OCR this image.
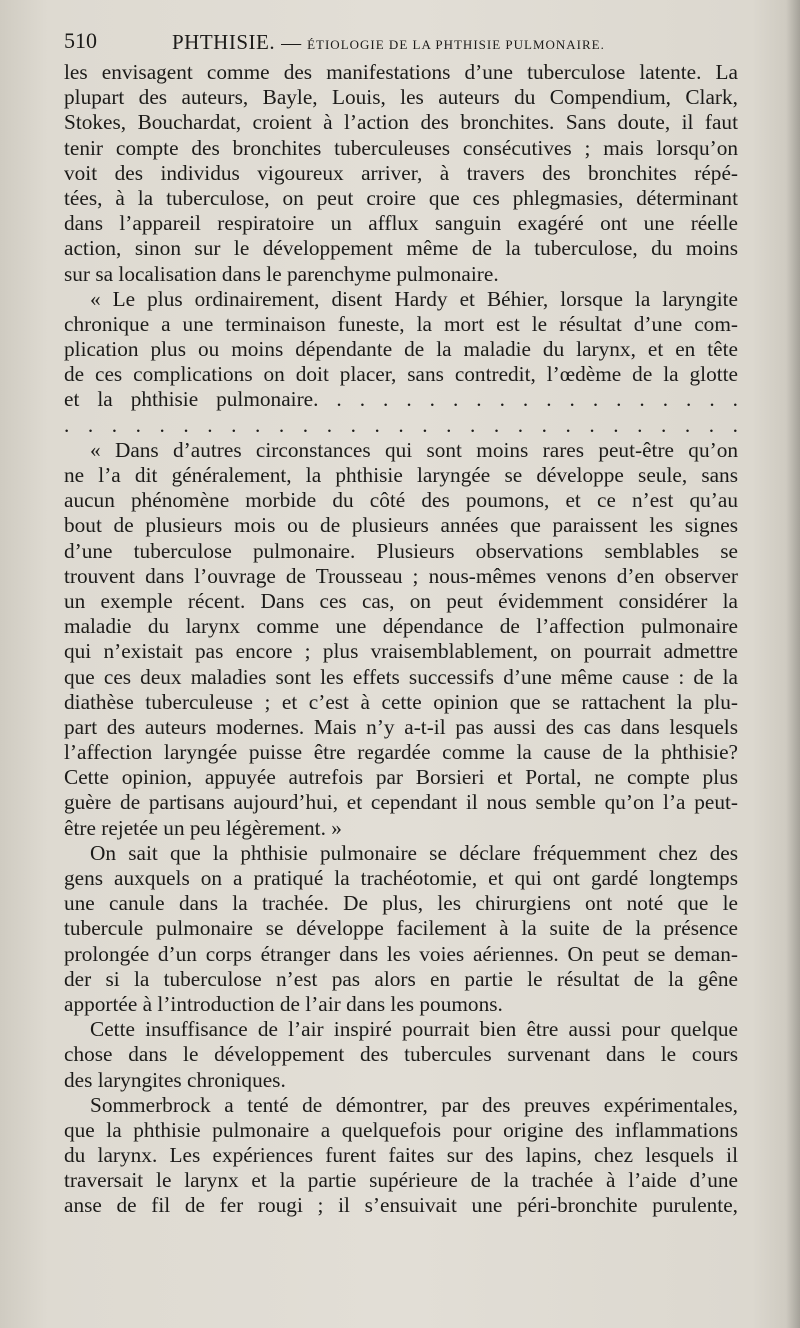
510	PHTHISIE. — ÉTIOLOGIE DE LA PHTHISIE PULMONAIRE.
les envisagent comme des manifestations d’une tuberculose latente. La
plupart des auteurs, Bayle, Louis, les auteurs du Compendium, Clark,
Stokes, Bouchardat, croient à l’action des bronchites. Sans doute, il faut
tenir compte des bronchites tuberculeuses consécutives ; mais lorsqu’on
voit des individus vigoureux arriver, à travers des bronchites répé-
tées, à la tuberculose, on peut croire que ces phlegmasies, déterminant
dans l’appareil respiratoire un afflux sanguin exagéré ont une réelle
action, sinon sur le développement même de la tuberculose, du moins
sur sa localisation dans le parenchyme pulmonaire.
« Le plus ordinairement, disent Hardy et Béhier, lorsque la laryngite
chronique a une terminaison funeste, la mort est le résultat d’une com-
plication plus ou moins dépendante de la maladie du larynx, et en tête
de ces complications on doit placer, sans contredit, l’œdème de la glotte
et la phthisie pulmonaire. . . . . . . . . . . . . . . . . . .
. . . . . . . . . . . . . . . . . . . . . . . . . . . . .
« Dans d’autres circonstances qui sont moins rares peut-être qu’on
ne l’a dit généralement, la phthisie laryngée se développe seule, sans
aucun phénomène morbide du côté des poumons, et ce n’est qu’au
bout de plusieurs mois ou de plusieurs années que paraissent les signes
d’une tuberculose pulmonaire. Plusieurs observations semblables se
trouvent dans l’ouvrage de Trousseau ; nous-mêmes venons d’en observer
un exemple récent. Dans ces cas, on peut évidemment considérer la
maladie du larynx comme une dépendance de l’affection pulmonaire
qui n’existait pas encore ; plus vraisemblablement, on pourrait admettre
que ces deux maladies sont les effets successifs d’une même cause : de la
diathèse tuberculeuse ; et c’est à cette opinion que se rattachent la plu-
part des auteurs modernes. Mais n’y a-t-il pas aussi des cas dans lesquels
l’affection laryngée puisse être regardée comme la cause de la phthisie?
Cette opinion, appuyée autrefois par Borsieri et Portal, ne compte plus
guère de partisans aujourd’hui, et cependant il nous semble qu’on l’a peut-
être rejetée un peu légèrement. »
On sait que la phthisie pulmonaire se déclare fréquemment chez des
gens auxquels on a pratiqué la trachéotomie, et qui ont gardé longtemps
une canule dans la trachée. De plus, les chirurgiens ont noté que le
tubercule pulmonaire se développe facilement à la suite de la présence
prolongée d’un corps étranger dans les voies aériennes. On peut se deman-
der si la tuberculose n’est pas alors en partie le résultat de la gêne
apportée à l’introduction de l’air dans les poumons.
Cette insuffisance de l’air inspiré pourrait bien être aussi pour quelque
chose dans le développement des tubercules survenant dans le cours
des laryngites chroniques.
Sommerbrock a tenté de démontrer, par des preuves expérimentales,
que la phthisie pulmonaire a quelquefois pour origine des inflammations
du larynx. Les expériences furent faites sur des lapins, chez lesquels il
traversait le larynx et la partie supérieure de la trachée à l’aide d’une
anse de fil de fer rougi ; il s’ensuivait une péri-bronchite purulente,
